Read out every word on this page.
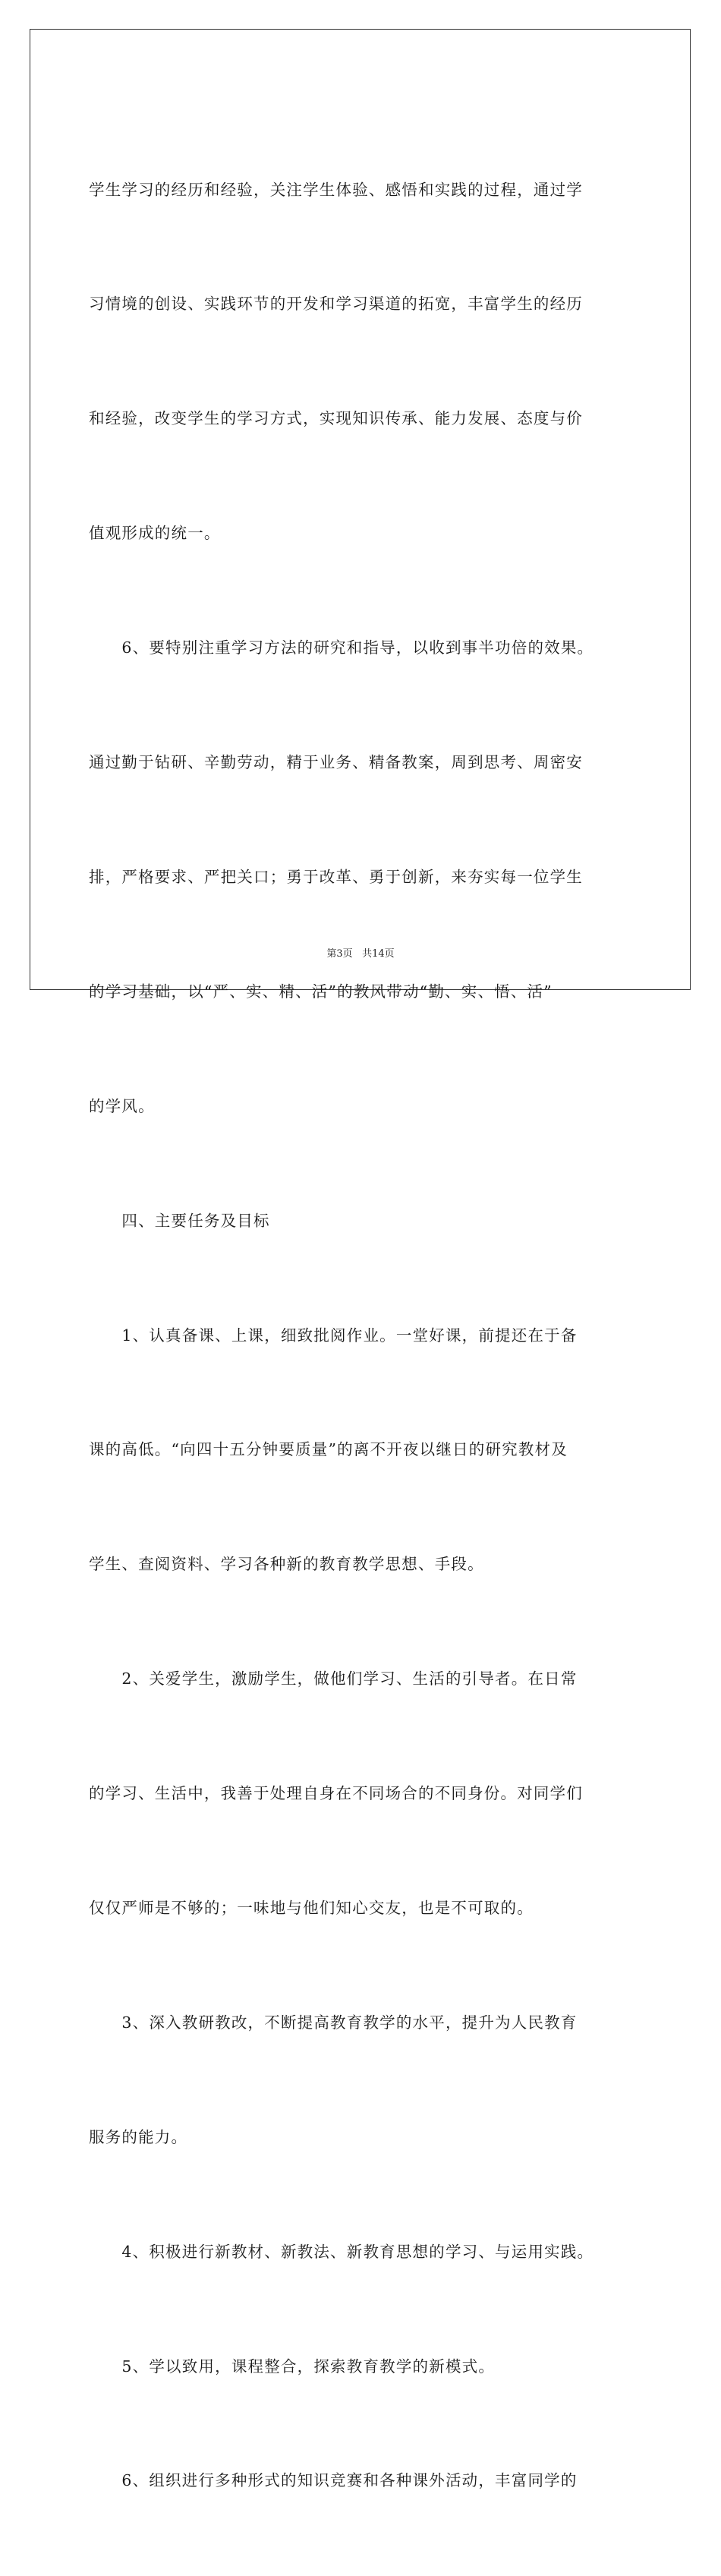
学生学习的经历和经验，关注学生体验、感悟和实践的过程，通过学

习情境的创设、实践环节的开发和学习渠道的拓宽，丰富学生的经历

和经验，改变学生的学习方式，实现知识传承、能力发展、态度与价

值观形成的统一。

　　6、要特别注重学习方法的研究和指导，以收到事半功倍的效果。

通过勤于钻研、辛勤劳动，精于业务、精备教案，周到思考、周密安

排，严格要求、严把关口；勇于改革、勇于创新，来夯实每一位学生

的学习基础，以“严、实、精、活”的教风带动“勤、实、悟、活”

的学风。

　　四、主要任务及目标

　　1、认真备课、上课，细致批阅作业。一堂好课，前提还在于备

课的高低。“向四十五分钟要质量”的离不开夜以继日的研究教材及

学生、查阅资料、学习各种新的教育教学思想、手段。

　　2、关爱学生，激励学生，做他们学习、生活的引导者。在日常

的学习、生活中，我善于处理自身在不同场合的不同身份。对同学们

仅仅严师是不够的；一味地与他们知心交友，也是不可取的。

　　3、深入教研教改，不断提高教育教学的水平，提升为人民教育

服务的能力。

　　4、积极进行新教材、新教法、新教育思想的学习、与运用实践。

　　5、学以致用，课程整合，探索教育教学的新模式。

　　6、组织进行多种形式的知识竞赛和各种课外活动，丰富同学的

第3页 共14页
